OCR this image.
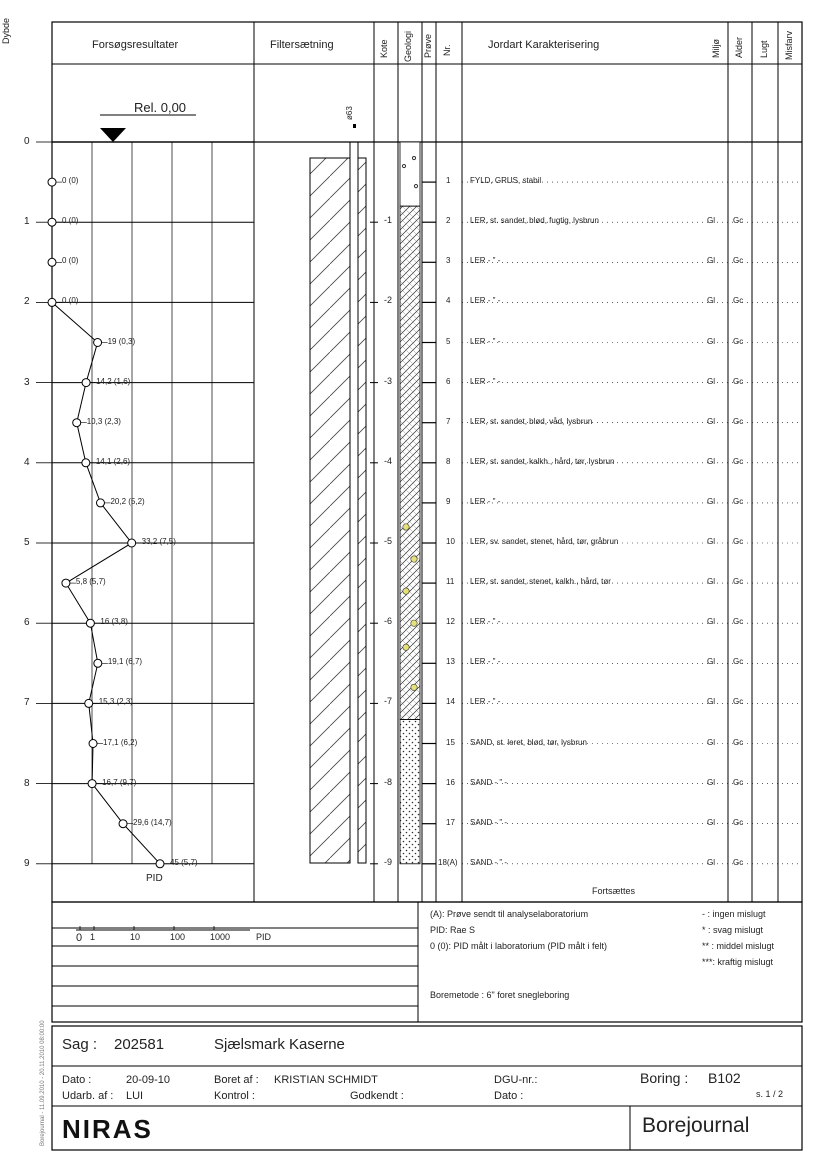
Dybde
Forsøgsresultater	Filtersætning	Kote Geologi Prøve Nr.	Jordart Karakterisering	Miljø Alder Lugt Misfarv
Rel. 0,00	ø63
0
1
2
3
4
5
6
7
8
9
-1
-2
-3
-4
-5
-6
-7
-8
-9
0 (0)
0 (0)
0 (0)
0 (0)
19 (0,3)
14,2 (1,6)
10,3 (2,3)
14,1 (2,6)
20,2 (5,2)
33,2 (7,5)
5,8 (5,7)
16 (3,8)
19,1 (6,7)
15,3 (2,3)
17,1 (6,2)
16,7 (9,7)
29,6 (14,7)
45 (5,7)
1 FYLD, GRUS, stabil
2 LER, st. sandet, blød, fugtig, lysbrun	Gl Gc
3 LER - " -	Gl Gc
4 LER - " -	Gl Gc
5 LER - " -	Gl Gc
6 LER - " -	Gl Gc
7 LER, st. sandet, blød, våd, lysbrun	Gl Gc
8 LER, st. sandet, kalkh., hård, tør, lysbrun	Gl Gc
9 LER - " -	Gl Gc
10 LER, sv. sandet, stenet, hård, tør, gråbrun	Gl Gc
11 LER, st. sandet, stenet, kalkh., hård, tør	Gl Gc
12 LER - " -	Gl Gc
13 LER - " -	Gl Gc
14 LER - " -	Gl Gc
15 SAND, st. leret, blød, tør, lysbrun	Gl Gc
16 SAND - " -	Gl Gc
17 SAND - " -	Gl Gc
18(A) SAND - " -	Gl Gc
PID
Fortsættes
0 1	10	100	1000	PID
(A): Prøve sendt til analyselaboratorium
PID: Rae S
0 (0): PID målt i laboratorium (PID målt i felt)
Boremetode : 6" foret snegleboring
- : ingen mislugt
* : svag mislugt
** : middel mislugt
***: kraftig mislugt
Sag : 202581	Sjælsmark Kaserne
Dato :	20-09-10	Boret af : KRISTIAN SCHMIDT	DGU-nr.:	Boring : B102
s. 1 / 2
Udarb. af : LUI	Kontrol :	Godkendt :	Dato :
NIRAS	Borejournal
Borejournal - 11.09.2010 - 20.11.2010 08:00:00
